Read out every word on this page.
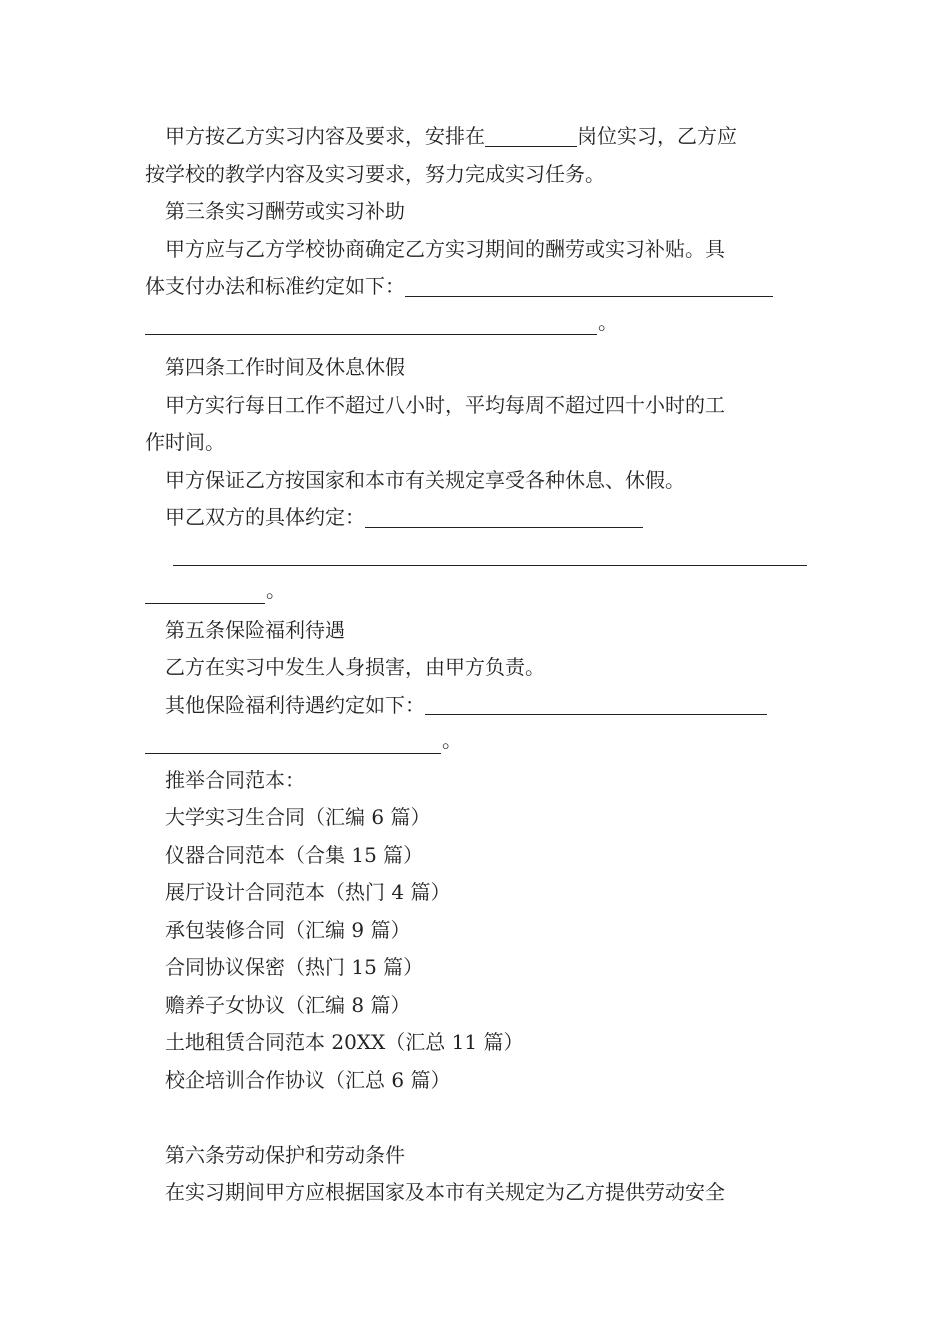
甲方按乙方实习内容及要求，安排在	岗位实习，乙方应

按学校的教学内容及实习要求，努力完成实习任务。

第三条实习酬劳或实习补助

甲方应与乙方学校协商确定乙方实习期间的酬劳或实习补贴。具

体支付办法和标准约定如下：

。

第四条工作时间及休息休假

甲方实行每日工作不超过八小时，平均每周不超过四十小时的工

作时间。

甲方保证乙方按国家和本市有关规定享受各种休息、休假。

甲乙双方的具体约定：

。

第五条保险福利待遇

乙方在实习中发生人身损害，由甲方负责。

其他保险福利待遇约定如下：

。

推举合同范本：

大学实习生合同（汇编 6 篇）

仪器合同范本（合集 15 篇）

展厅设计合同范本（热门 4 篇）

承包装修合同（汇编 9 篇）

合同协议保密（热门 15 篇）

赡养子女协议（汇编 8 篇）

土地租赁合同范本 20XX（汇总 11 篇）

校企培训合作协议（汇总 6 篇）

第六条劳动保护和劳动条件

在实习期间甲方应根据国家及本市有关规定为乙方提供劳动安全
